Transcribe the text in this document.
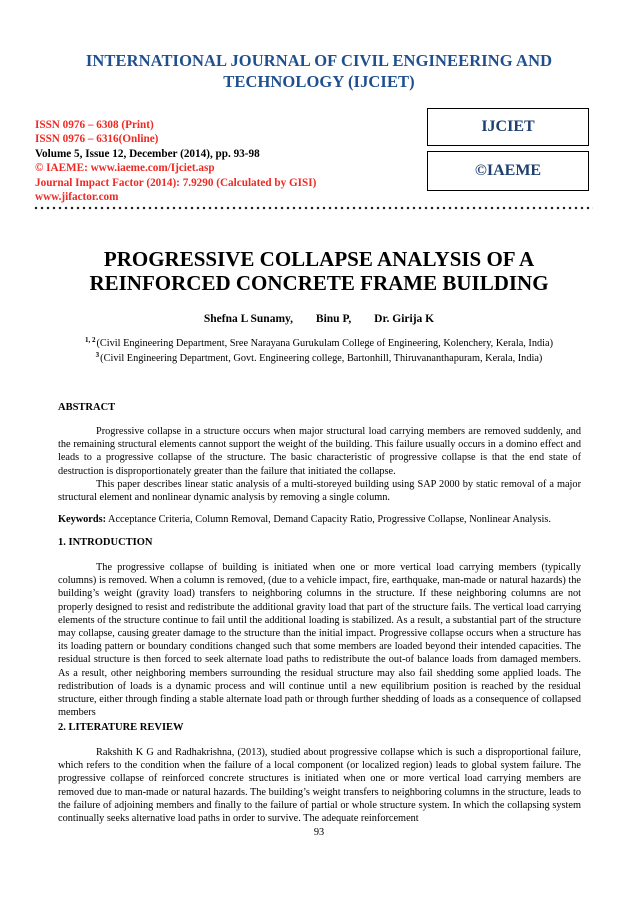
INTERNATIONAL JOURNAL OF CIVIL ENGINEERING AND
TECHNOLOGY (IJCIET)
ISSN 0976 – 6308 (Print)
ISSN 0976 – 6316(Online)
Volume 5, Issue 12, December (2014), pp. 93-98
© IAEME: www.iaeme.com/Ijciet.asp
Journal Impact Factor (2014): 7.9290 (Calculated by GISI)
www.jifactor.com
IJCIET
©IAEME
PROGRESSIVE COLLAPSE ANALYSIS OF A
REINFORCED CONCRETE FRAME BUILDING
Shefna L Sunamy, Binu P, Dr. Girija K
$^{1, 2}$(Civil Engineering Department, Sree Narayana Gurukulam College of Engineering, Kolenchery, Kerala, India)
$^3$(Civil Engineering Department, Govt. Engineering college, Bartonhill, Thiruvananthapuram, Kerala, India)
ABSTRACT
Progressive collapse in a structure occurs when major structural load carrying members are removed suddenly, and the remaining structural elements cannot support the weight of the building. This failure usually occurs in a domino effect and leads to a progressive collapse of the structure. The basic characteristic of progressive collapse is that the end state of destruction is disproportionately greater than the failure that initiated the collapse.
This paper describes linear static analysis of a multi-storeyed building using SAP 2000 by static removal of a major structural element and nonlinear dynamic analysis by removing a single column.
Keywords: Acceptance Criteria, Column Removal, Demand Capacity Ratio, Progressive Collapse, Nonlinear Analysis.
1. INTRODUCTION
The progressive collapse of building is initiated when one or more vertical load carrying members (typically columns) is removed. When a column is removed, (due to a vehicle impact, fire, earthquake, man-made or natural hazards) the building’s weight (gravity load) transfers to neighboring columns in the structure. If these neighboring columns are not properly designed to resist and redistribute the additional gravity load that part of the structure fails. The vertical load carrying elements of the structure continue to fail until the additional loading is stabilized. As a result, a substantial part of the structure may collapse, causing greater damage to the structure than the initial impact. Progressive collapse occurs when a structure has its loading pattern or boundary conditions changed such that some members are loaded beyond their intended capacities. The residual structure is then forced to seek alternate load paths to redistribute the out-of balance loads from damaged members. As a result, other neighboring members surrounding the residual structure may also fail shedding some applied loads. The redistribution of loads is a dynamic process and will continue until a new equilibrium position is reached by the residual structure, either through finding a stable alternate load path or through further shedding of loads as a consequence of collapsed members
2. LITERATURE REVIEW
Rakshith K G and Radhakrishna, (2013), studied about progressive collapse which is such a disproportional failure, which refers to the condition when the failure of a local component (or localized region) leads to global system failure. The progressive collapse of reinforced concrete structures is initiated when one or more vertical load carrying members are removed due to man-made or natural hazards. The building’s weight transfers to neighboring columns in the structure, leads to the failure of adjoining members and finally to the failure of partial or whole structure system. In which the collapsing system continually seeks alternative load paths in order to survive. The adequate reinforcement
93
